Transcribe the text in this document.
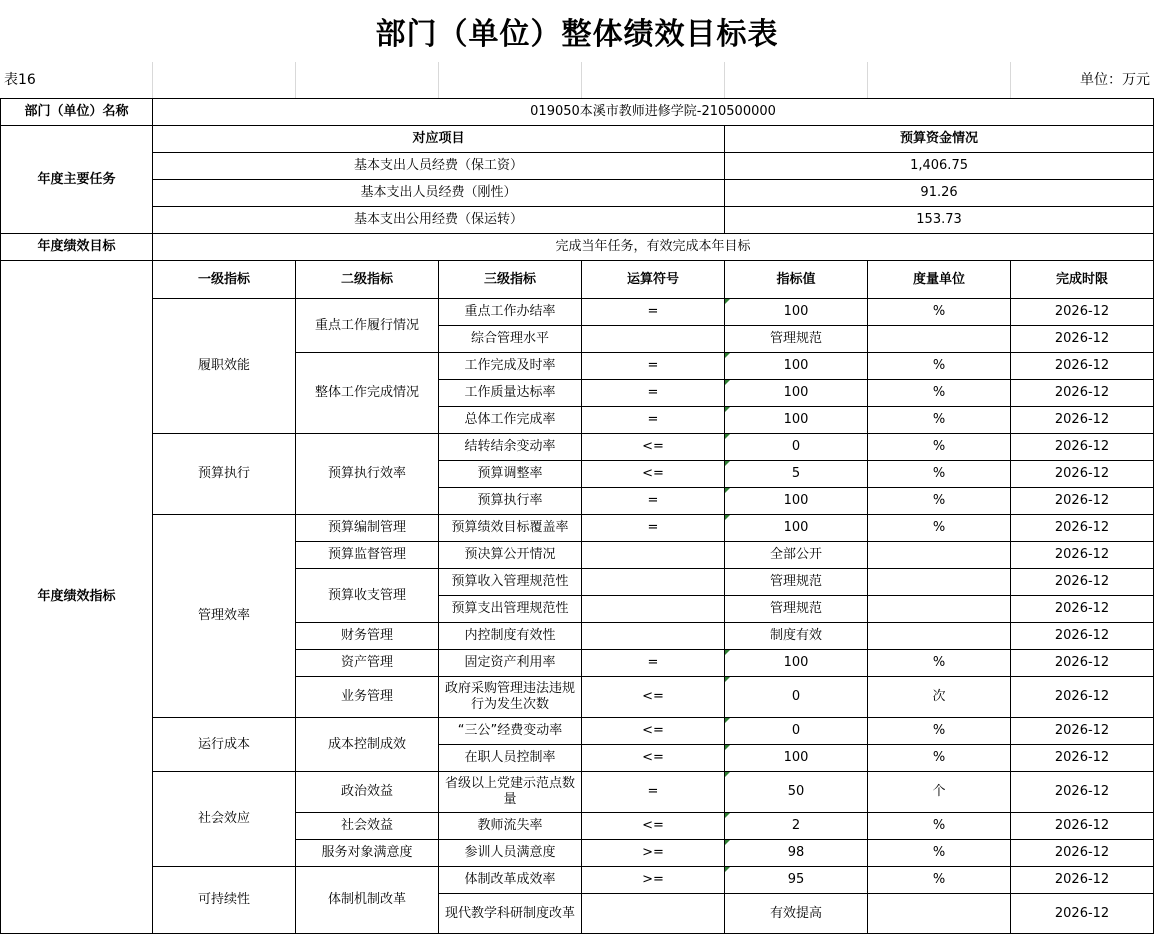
部门（单位）整体绩效目标表
表16	单位：万元
部门（单位）名称	019050本溪市教师进修学院-210500000						
年度主要任务	对应项目				预算资金情况		
	基本支出人员经费（保工资）				1,406.75		
	基本支出人员经费（刚性）				91.26		
	基本支出公用经费（保运转）				153.73		
年度绩效目标	完成当年任务，有效完成本年目标						
年度绩效指标	一级指标	二级指标	三级指标	运算符号	指标值	度量单位	完成时限
	履职效能	重点工作履行情况	重点工作办结率	=	100	%	2026-12
			综合管理水平		管理规范		2026-12
		整体工作完成情况	工作完成及时率	=	100	%	2026-12
			工作质量达标率	=	100	%	2026-12
			总体工作完成率	=	100	%	2026-12
	预算执行	预算执行效率	结转结余变动率	<=	0	%	2026-12
			预算调整率	<=	5	%	2026-12
			预算执行率	=	100	%	2026-12
	管理效率	预算编制管理	预算绩效目标覆盖率	=	100	%	2026-12
		预算监督管理	预决算公开情况		全部公开		2026-12
		预算收支管理	预算收入管理规范性		管理规范		2026-12
			预算支出管理规范性		管理规范		2026-12
		财务管理	内控制度有效性		制度有效		2026-12
		资产管理	固定资产利用率	=	100	%	2026-12
		业务管理	政府采购管理违法违规行为发生次数	<=	0	次	2026-12
	运行成本	成本控制成效	“三公”经费变动率	<=	0	%	2026-12
			在职人员控制率	<=	100	%	2026-12
	社会效应	政治效益	省级以上党建示范点数量	=	50	个	2026-12
		社会效益	教师流失率	<=	2	%	2026-12
		服务对象满意度	参训人员满意度	>=	98	%	2026-12
	可持续性	体制机制改革	体制改革成效率	>=	95	%	2026-12
			现代教学科研制度改革		有效提高		2026-12
